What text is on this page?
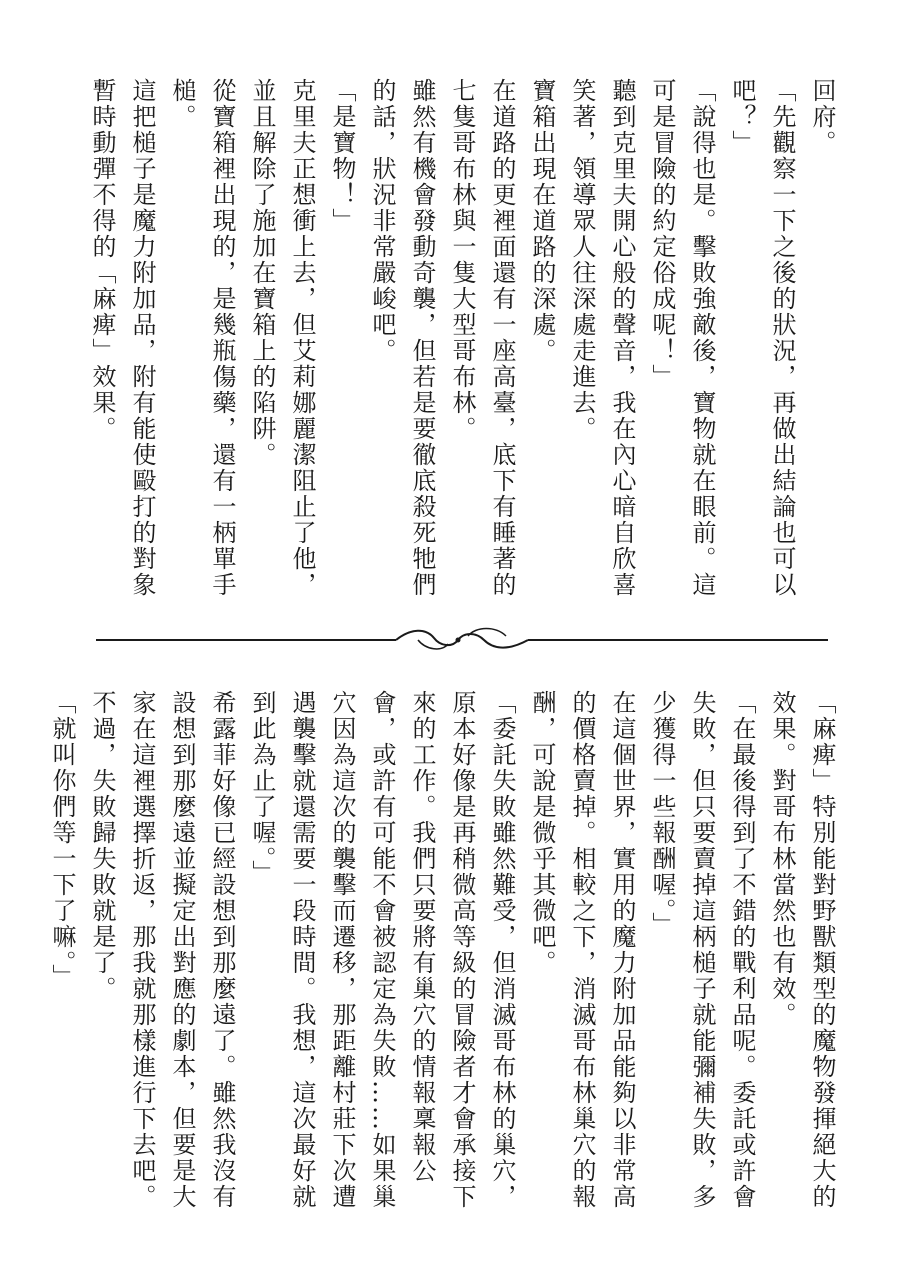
回府。

「先觀察一下之後的狀況，再做出結論也可以吧？」

「說得也是。擊敗強敵後，寶物就在眼前。這可是冒險的約定俗成呢！」

聽到克里夫開心般的聲音，我在內心暗自欣喜笑著，領導眾人往深處走進去。

寶箱出現在道路的深處。

在道路的更裡面還有一座高臺，底下有睡著的七隻哥布林與一隻大型哥布林。

雖然有機會發動奇襲，但若是要徹底殺死牠們的話，狀況非常嚴峻吧。

「是寶物！」

克里夫正想衝上去，但艾莉娜麗潔阻止了他，並且解除了施加在寶箱上的陷阱。

從寶箱裡出現的，是幾瓶傷藥，還有一柄單手槌。

這把槌子是魔力附加品，附有能使毆打的對象暫時動彈不得的「麻痺」效果。

「麻痺」特別能對野獸類型的魔物發揮絕大的效果。對哥布林當然也有效。

「在最後得到了不錯的戰利品呢。委託或許會失敗，但只要賣掉這柄槌子就能彌補失敗，多少獲得一些報酬喔。」

在這個世界，實用的魔力附加品能夠以非常高的價格賣掉。相較之下，消滅哥布林巢穴的報酬，可說是微乎其微吧。

「委託失敗雖然難受，但消滅哥布林的巢穴，原本好像是再稍微高等級的冒險者才會承接下來的工作。我們只要將有巢穴的情報稟報公會，或許有可能不會被認定為失敗……如果巢穴因為這次的襲擊而遷移，那距離村莊下次遭遇襲擊就還需要一段時間。我想，這次最好就到此為止了喔。」

希露菲好像已經設想到那麼遠了。雖然我沒有設想到那麼遠並擬定出對應的劇本，但要是大家在這裡選擇折返，那我就那樣進行下去吧。

不過，失敗歸失敗就是了。

「就叫你們等一下了嘛。」
